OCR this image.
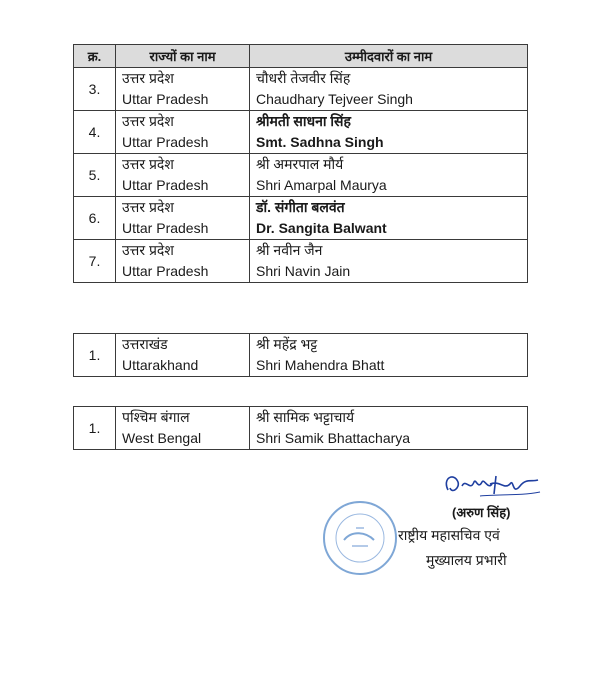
क्र.	राज्यों का नाम	उम्मीदवारों का नाम
3.	उत्तर प्रदेश	चौधरी तेजवीर सिंह
	Uttar Pradesh	Chaudhary Tejveer Singh
4.	उत्तर प्रदेश	श्रीमती साधना सिंह
	Uttar Pradesh	Smt. Sadhna Singh
5.	उत्तर प्रदेश	श्री अमरपाल मौर्य
	Uttar Pradesh	Shri Amarpal Maurya
6.	उत्तर प्रदेश	डॉ. संगीता बलवंत
	Uttar Pradesh	Dr. Sangita Balwant
7.	उत्तर प्रदेश	श्री नवीन जैन
	Uttar Pradesh	Shri Navin Jain
1.	उत्तराखंड	श्री महेंद्र भट्ट
	Uttarakhand	Shri Mahendra Bhatt
1.	पश्चिम बंगाल	श्री सामिक भट्टाचार्य
	West Bengal	Shri Samik Bhattacharya
(अरुण सिंह)
राष्ट्रीय महासचिव एवं
मुख्यालय प्रभारी
